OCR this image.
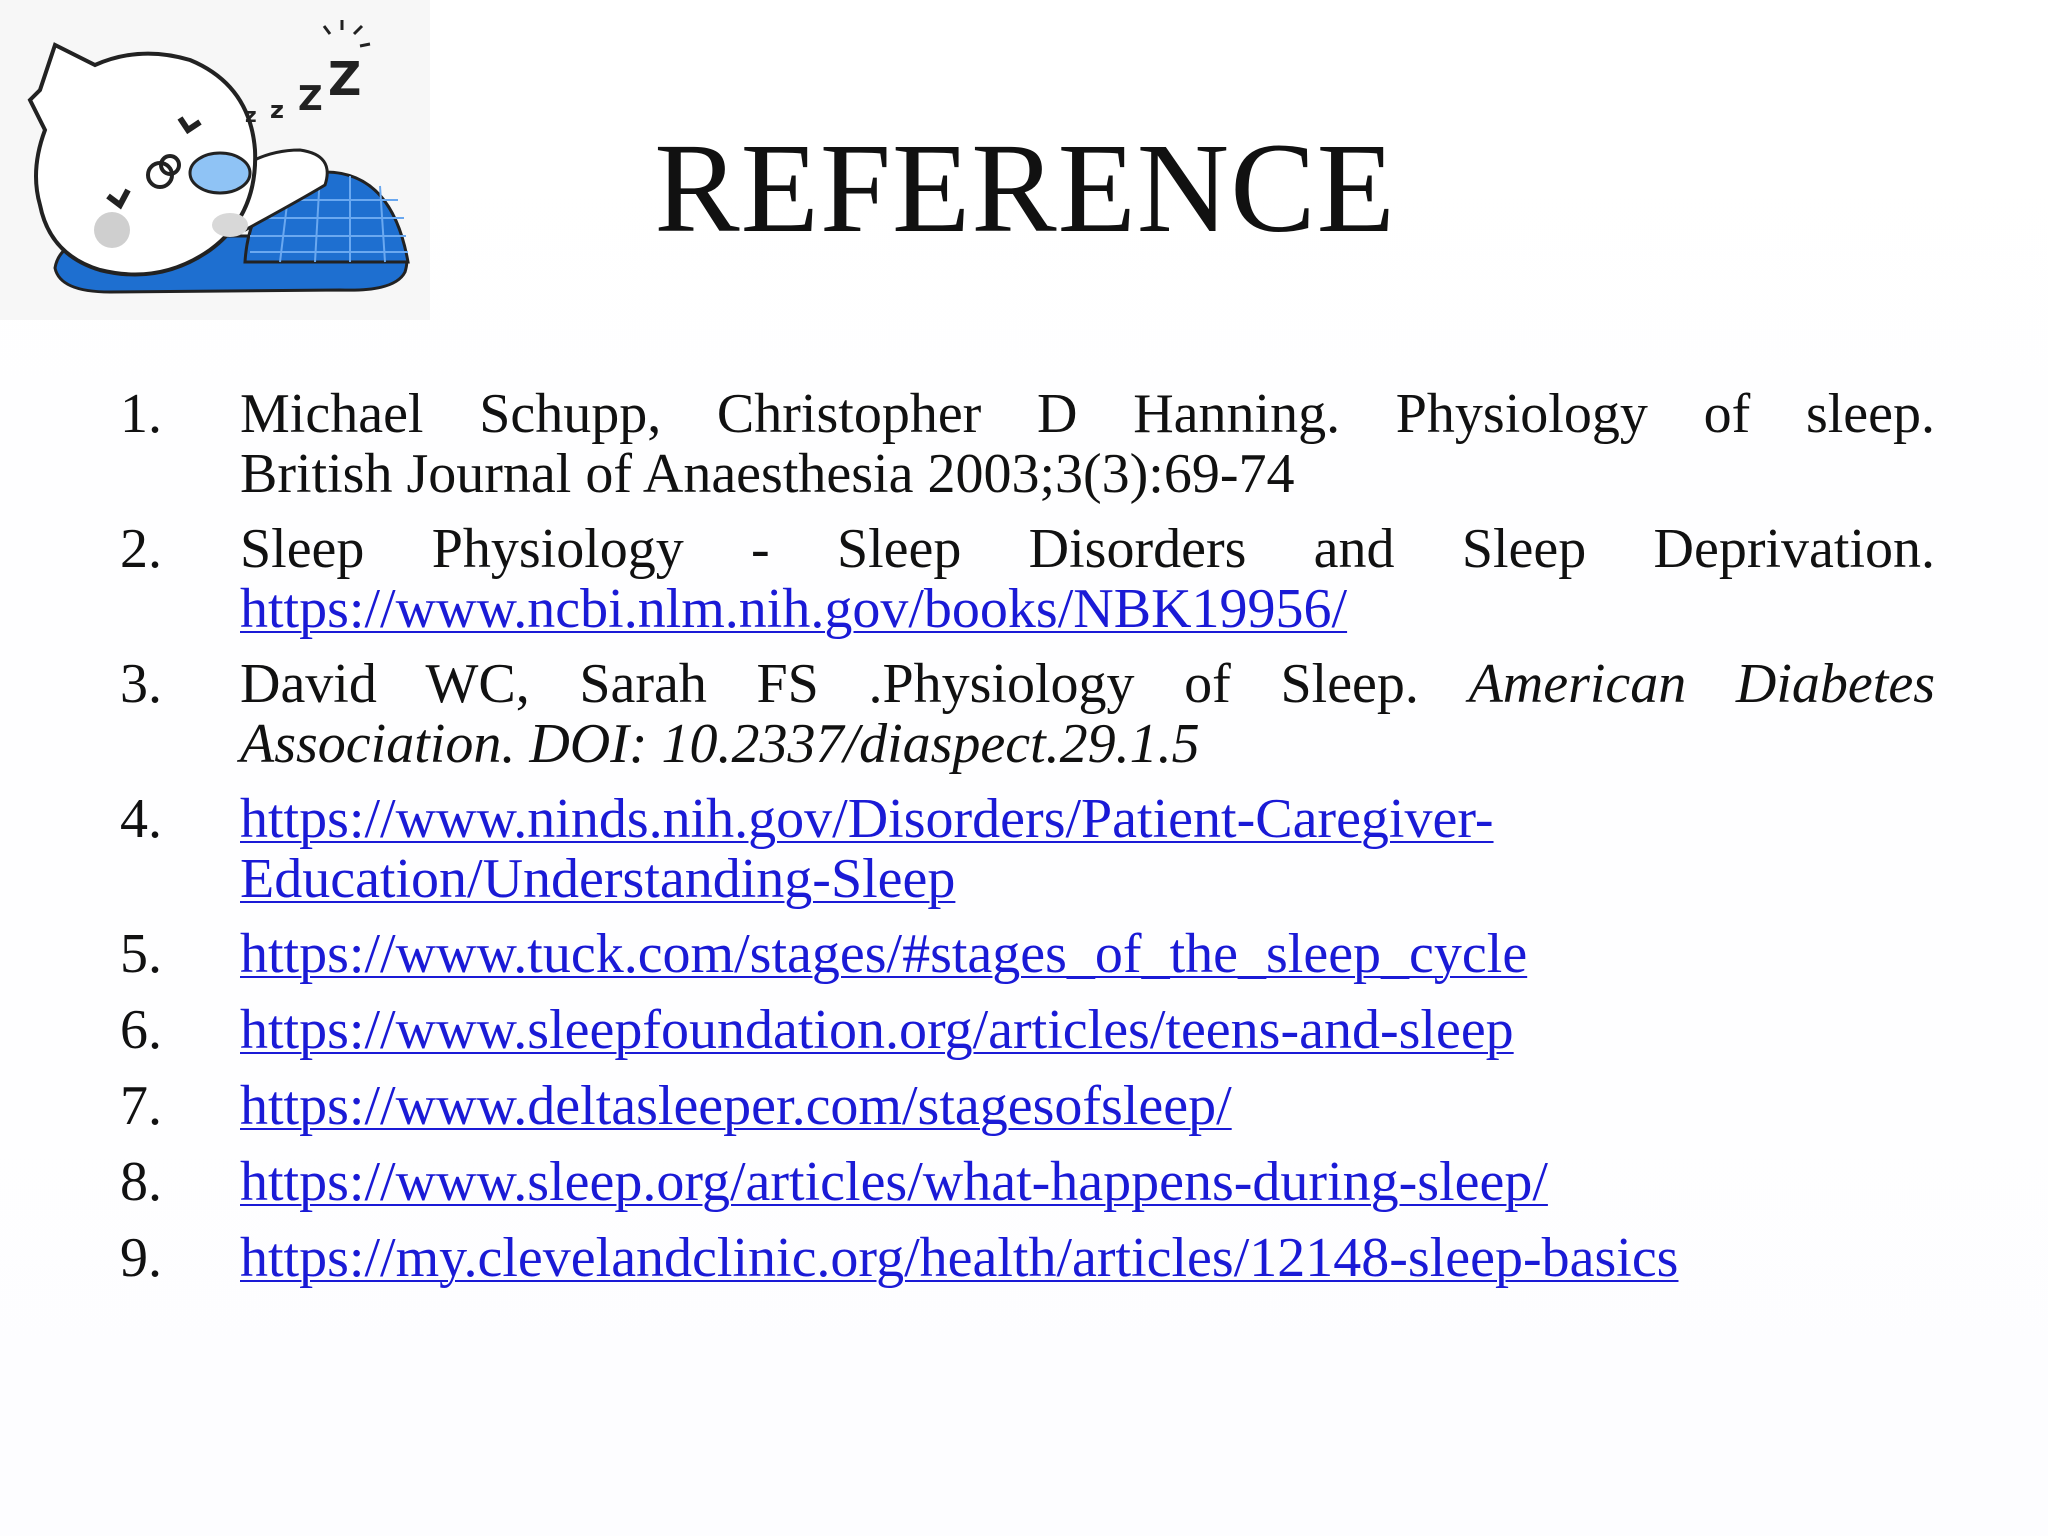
z z Z Z
REFERENCE
1.	Michael Schupp, Christopher D Hanning. Physiology of sleep.
British Journal of Anaesthesia 2003;3(3):69-74
2.	Sleep Physiology - Sleep Disorders and Sleep Deprivation.
https://www.ncbi.nlm.nih.gov/books/NBK19956/
3.	David WC, Sarah FS .Physiology of Sleep. American Diabetes Association. DOI: 10.2337/diaspect.29.1.5
4.	https://www.ninds.nih.gov/Disorders/Patient-Caregiver-
Education/Understanding-Sleep
5.	https://www.tuck.com/stages/#stages_of_the_sleep_cycle
6.	https://www.sleepfoundation.org/articles/teens-and-sleep
7.	https://www.deltasleeper.com/stagesofsleep/
8.	https://www.sleep.org/articles/what-happens-during-sleep/
9.	https://my.clevelandclinic.org/health/articles/12148-sleep-basics
